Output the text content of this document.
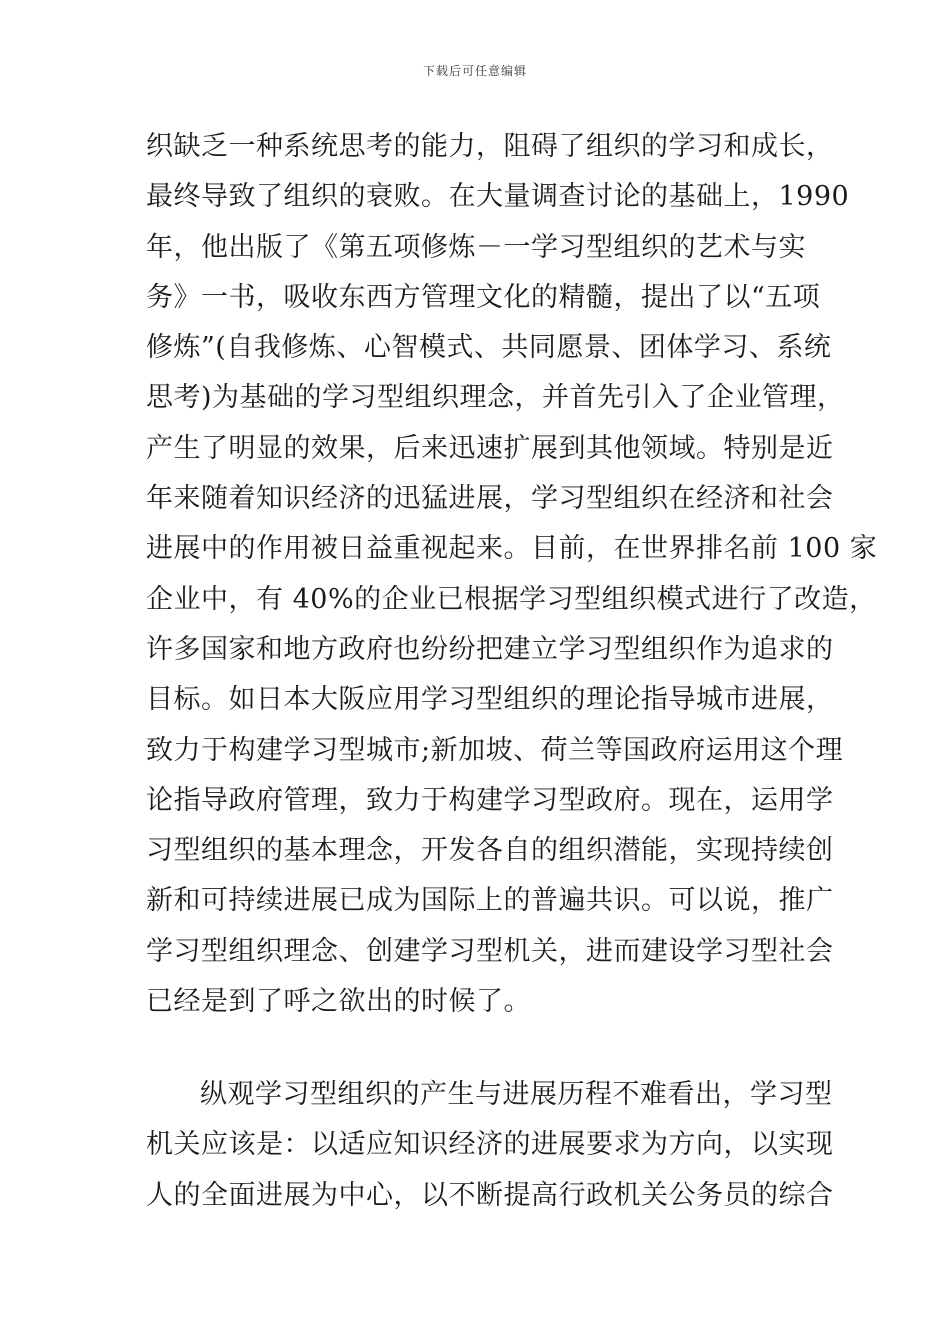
下载后可任意编辑
织缺乏一种系统思考的能力，阻碍了组织的学习和成长，
最终导致了组织的衰败。在大量调查讨论的基础上，1990
年，他出版了《第五项修炼－一学习型组织的艺术与实
务》一书，吸收东西方管理文化的精髓，提出了以“五项
修炼”(自我修炼、心智模式、共同愿景、团体学习、系统
思考)为基础的学习型组织理念，并首先引入了企业管理，
产生了明显的效果，后来迅速扩展到其他领域。特别是近
年来随着知识经济的迅猛进展，学习型组织在经济和社会
进展中的作用被日益重视起来。目前，在世界排名前 100 家
企业中，有 40%的企业已根据学习型组织模式进行了改造，
许多国家和地方政府也纷纷把建立学习型组织作为追求的
目标。如日本大阪应用学习型组织的理论指导城市进展，
致力于构建学习型城市;新加坡、荷兰等国政府运用这个理
论指导政府管理，致力于构建学习型政府。现在，运用学
习型组织的基本理念，开发各自的组织潜能，实现持续创
新和可持续进展已成为国际上的普遍共识。可以说，推广
学习型组织理念、创建学习型机关，进而建设学习型社会
已经是到了呼之欲出的时候了。
纵观学习型组织的产生与进展历程不难看出，学习型
机关应该是：以适应知识经济的进展要求为方向，以实现
人的全面进展为中心，以不断提高行政机关公务员的综合
